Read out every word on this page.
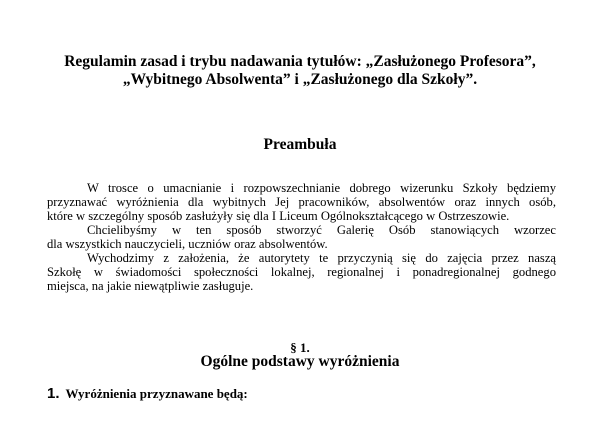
Regulamin zasad i trybu nadawania tytułów: „Zasłużonego Profesora”,
„Wybitnego Absolwenta” i „Zasłużonego dla Szkoły”.
Preambuła
W trosce o umacnianie i rozpowszechnianie dobrego wizerunku Szkoły będziemy
przyznawać wyróżnienia dla wybitnych Jej pracowników, absolwentów oraz innych osób,
które w szczególny sposób zasłużyły się dla I Liceum Ogólnokształcącego w Ostrzeszowie.
Chcielibyśmy w ten sposób stworzyć Galerię Osób stanowiących wzorzec
dla wszystkich nauczycieli, uczniów oraz absolwentów.
Wychodzimy z założenia, że autorytety te przyczynią się do zajęcia przez naszą
Szkołę w świadomości społeczności lokalnej, regionalnej i ponadregionalnej godnego
miejsca, na jakie niewątpliwie zasługuje.
§ 1.
Ogólne podstawy wyróżnienia
1. Wyróżnienia przyznawane będą:
